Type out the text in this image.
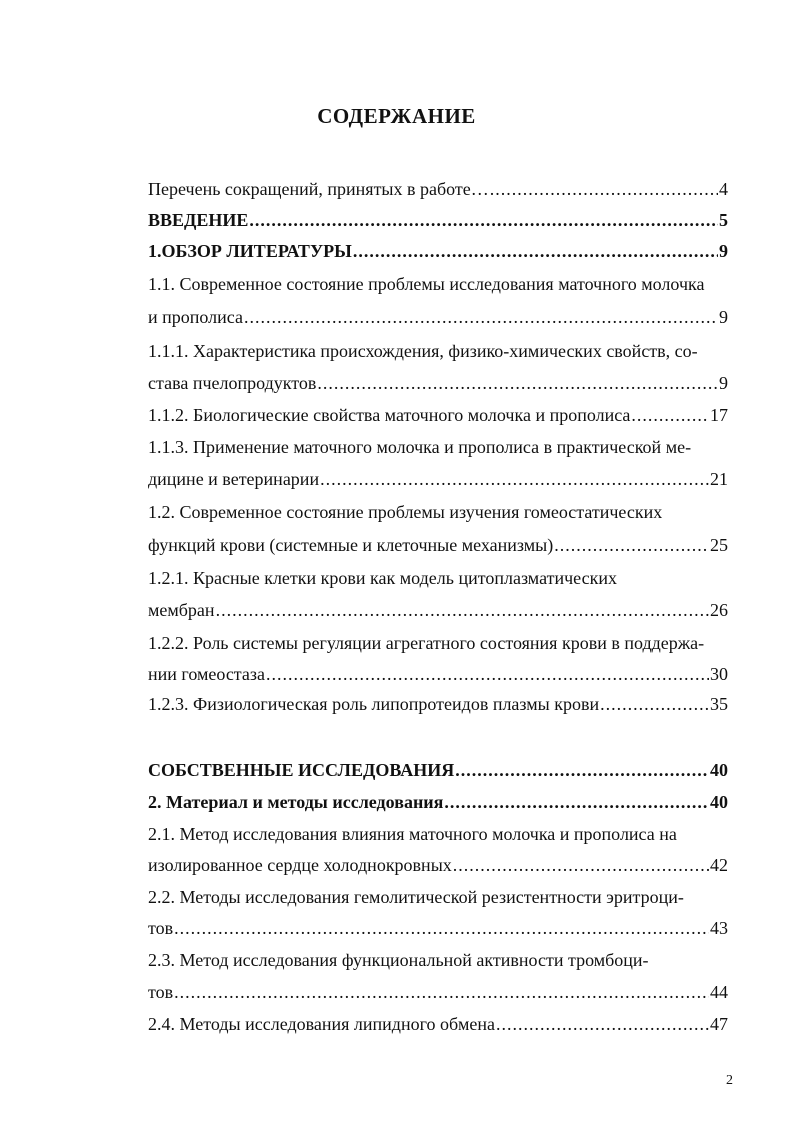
СОДЕРЖАНИЕ
Перечень сокращений, принятых в работе… .....	4
ВВЕДЕНИЕ .....	5
1.ОБЗОР ЛИТЕРАТУРЫ .....	9
1.1. Современное состояние проблемы исследования маточного молочка
и прополиса .....	9
1.1.1. Характеристика происхождения, физико-химических свойств, со-
става пчелопродуктов .....	9
1.1.2. Биологические свойства маточного молочка и прополиса .....	17
1.1.3. Применение маточного молочка и прополиса в практической ме-
дицине и ветеринарии .....	21
1.2. Современное состояние проблемы изучения гомеостатических
функций крови (системные и клеточные механизмы) .....	25
1.2.1. Красные клетки крови как модель цитоплазматических
мембран .....	26
1.2.2. Роль системы регуляции агрегатного состояния крови в поддержа-
нии гомеостаза .....	30
1.2.3. Физиологическая роль липопротеидов плазмы крови .....	35
СОБСТВЕННЫЕ ИССЛЕДОВАНИЯ .....	40
2. Материал и методы исследования .....	40
2.1. Метод исследования влияния маточного молочка и прополиса на
изолированное сердце холоднокровных .....	42
2.2. Методы исследования гемолитической резистентности эритроци-
тов .....	43
2.3. Метод исследования функциональной активности тромбоци-
тов .....	44
2.4. Методы исследования липидного обмена .....	47
2
